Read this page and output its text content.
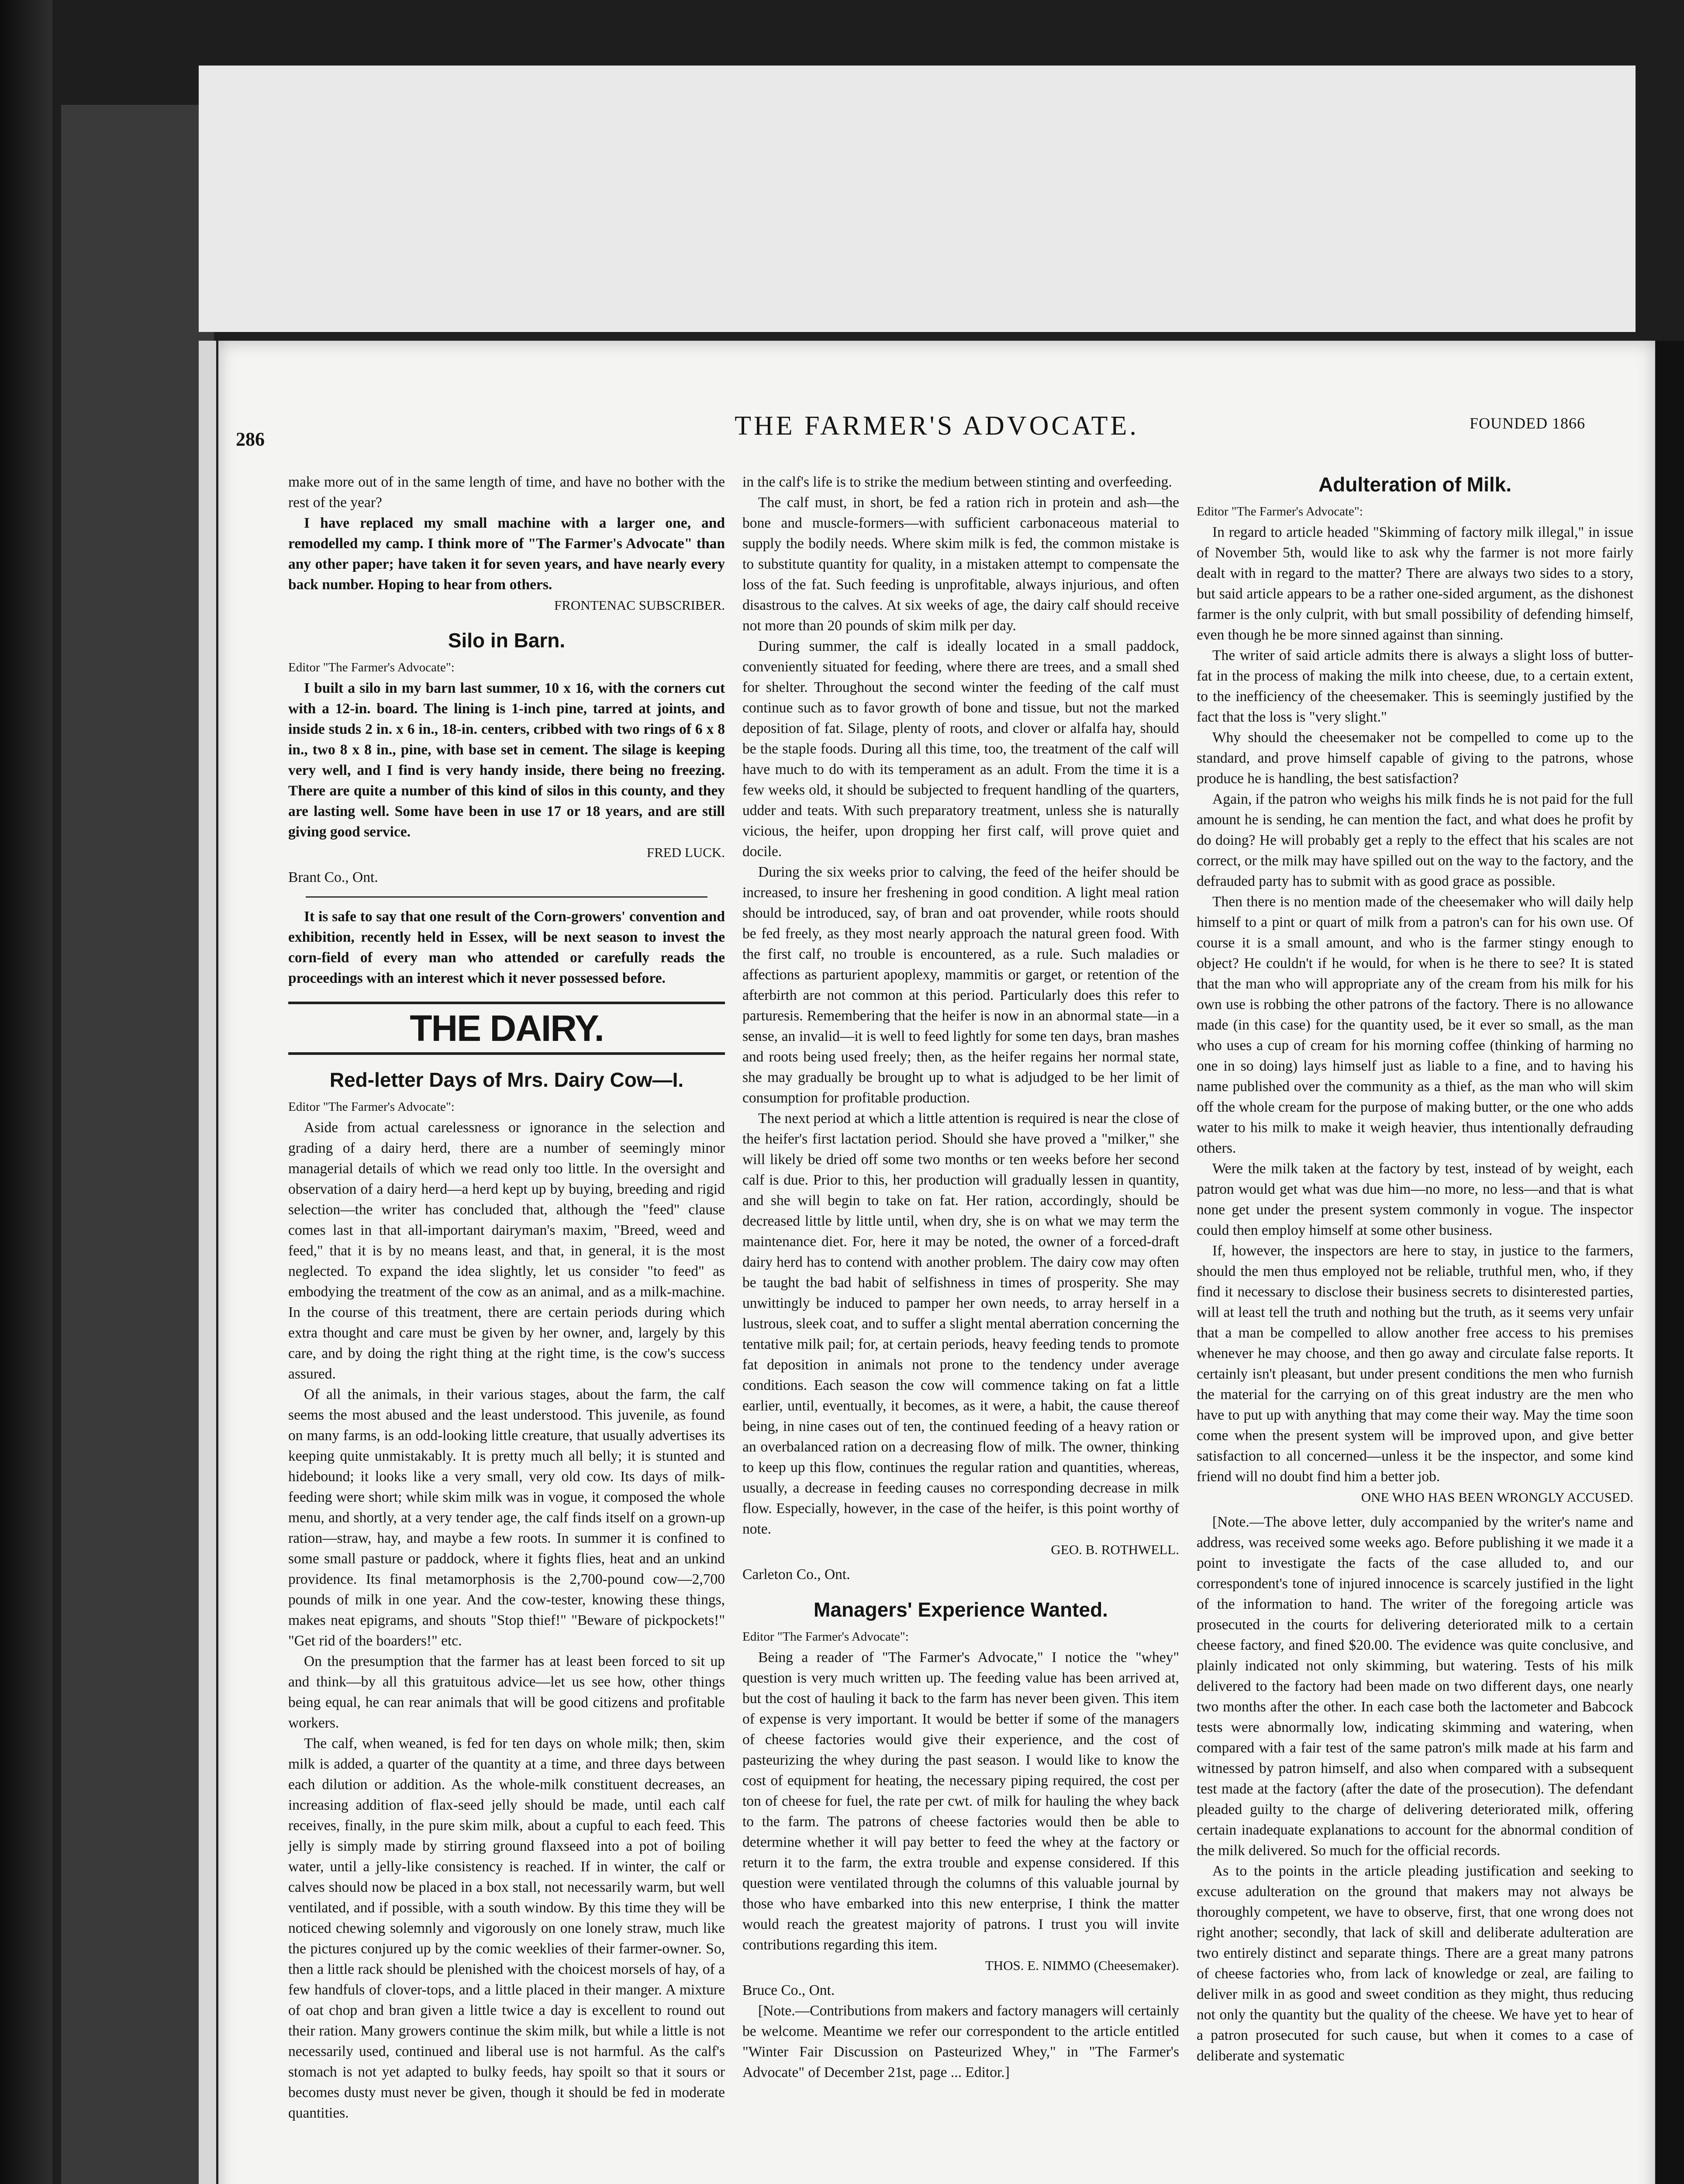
286	THE FARMER'S ADVOCATE.	FOUNDED 1866

make more out of in the same length of time, and have no bother with the rest of the year?

I have replaced my small machine with a larger one, and remodelled my camp. I think more of "The Farmer's Advocate" than any other paper; have taken it for seven years, and have nearly every back number. Hoping to hear from others.

FRONTENAC SUBSCRIBER.
Silo in Barn.

Editor "The Farmer's Advocate":

I built a silo in my barn last summer, 10 x 16, with the corners cut with a 12-in. board. The lining is 1-inch pine, tarred at joints, and inside studs 2 in. x 6 in., 18-in. centers, cribbed with two rings of 6 x 8 in., two 8 x 8 in., pine, with base set in cement. The silage is keeping very well, and I find is very handy inside, there being no freezing. There are quite a number of this kind of silos in this county, and they are lasting well. Some have been in use 17 or 18 years, and are still giving good service.

FRED LUCK.

Brant Co., Ont.

It is safe to say that one result of the Corn-growers' convention and exhibition, recently held in Essex, will be next season to invest the corn-field of every man who attended or carefully reads the proceedings with an interest which it never possessed before.

THE DAIRY.
Red-letter Days of Mrs. Dairy Cow—I.

Editor "The Farmer's Advocate":

Aside from actual carelessness or ignorance in the selection and grading of a dairy herd, there are a number of seemingly minor managerial details of which we read only too little. In the oversight and observation of a dairy herd—a herd kept up by buying, breeding and rigid selection—the writer has concluded that, although the "feed" clause comes last in that all-important dairyman's maxim, "Breed, weed and feed," that it is by no means least, and that, in general, it is the most neglected. To expand the idea slightly, let us consider "to feed" as embodying the treatment of the cow as an animal, and as a milk-machine. In the course of this treatment, there are certain periods during which extra thought and care must be given by her owner, and, largely by this care, and by doing the right thing at the right time, is the cow's success assured.

Of all the animals, in their various stages, about the farm, the calf seems the most abused and the least understood. This juvenile, as found on many farms, is an odd-looking little creature, that usually advertises its keeping quite unmistakably. It is pretty much all belly; it is stunted and hidebound; it looks like a very small, very old cow. Its days of milk-feeding were short; while skim milk was in vogue, it composed the whole menu, and shortly, at a very tender age, the calf finds itself on a grown-up ration—straw, hay, and maybe a few roots. In summer it is confined to some small pasture or paddock, where it fights flies, heat and an unkind providence. Its final metamorphosis is the 2,700-pound cow—2,700 pounds of milk in one year. And the cow-tester, knowing these things, makes neat epigrams, and shouts "Stop thief!" "Beware of pickpockets!" "Get rid of the boarders!" etc.

On the presumption that the farmer has at least been forced to sit up and think—by all this gratuitous advice—let us see how, other things being equal, he can rear animals that will be good citizens and profitable workers.

The calf, when weaned, is fed for ten days on whole milk; then, skim milk is added, a quarter of the quantity at a time, and three days between each dilution or addition. As the whole-milk constituent decreases, an increasing addition of flax-seed jelly should be made, until each calf receives, finally, in the pure skim milk, about a cupful to each feed. This jelly is simply made by stirring ground flaxseed into a pot of boiling water, until a jelly-like consistency is reached. If in winter, the calf or calves should now be placed in a box stall, not necessarily warm, but well ventilated, and if possible, with a south window. By this time they will be noticed chewing solemnly and vigorously on one lonely straw, much like the pictures conjured up by the comic weeklies of their farmer-owner. So, then a little rack should be plenished with the choicest morsels of hay, of a few handfuls of clover-tops, and a little placed in their manger. A mixture of oat chop and bran given a little twice a day is excellent to round out their ration. Many growers continue the skim milk, but while a little is not necessarily used, continued and liberal use is not harmful. As the calf's stomach is not yet adapted to bulky feeds, hay spoilt so that it sours or becomes dusty must never be given, though it should be fed in moderate quantities.

in the calf's life is to strike the medium between stinting and overfeeding.

The calf must, in short, be fed a ration rich in protein and ash—the bone and muscle-formers—with sufficient carbonaceous material to supply the bodily needs. Where skim milk is fed, the common mistake is to substitute quantity for quality, in a mistaken attempt to compensate the loss of the fat. Such feeding is unprofitable, always injurious, and often disastrous to the calves. At six weeks of age, the dairy calf should receive not more than 20 pounds of skim milk per day.

During summer, the calf is ideally located in a small paddock, conveniently situated for feeding, where there are trees, and a small shed for shelter. Throughout the second winter the feeding of the calf must continue such as to favor growth of bone and tissue, but not the marked deposition of fat. Silage, plenty of roots, and clover or alfalfa hay, should be the staple foods. During all this time, too, the treatment of the calf will have much to do with its temperament as an adult. From the time it is a few weeks old, it should be subjected to frequent handling of the quarters, udder and teats. With such preparatory treatment, unless she is naturally vicious, the heifer, upon dropping her first calf, will prove quiet and docile.

During the six weeks prior to calving, the feed of the heifer should be increased, to insure her freshening in good condition. A light meal ration should be introduced, say, of bran and oat provender, while roots should be fed freely, as they most nearly approach the natural green food. With the first calf, no trouble is encountered, as a rule. Such maladies or affections as parturient apoplexy, mammitis or garget, or retention of the afterbirth are not common at this period. Particularly does this refer to parturesis. Remembering that the heifer is now in an abnormal state—in a sense, an invalid—it is well to feed lightly for some ten days, bran mashes and roots being used freely; then, as the heifer regains her normal state, she may gradually be brought up to what is adjudged to be her limit of consumption for profitable production.

The next period at which a little attention is required is near the close of the heifer's first lactation period. Should she have proved a "milker," she will likely be dried off some two months or ten weeks before her second calf is due. Prior to this, her production will gradually lessen in quantity, and she will begin to take on fat. Her ration, accordingly, should be decreased little by little until, when dry, she is on what we may term the maintenance diet. For, here it may be noted, the owner of a forced-draft dairy herd has to contend with another problem. The dairy cow may often be taught the bad habit of selfishness in times of prosperity. She may unwittingly be induced to pamper her own needs, to array herself in a lustrous, sleek coat, and to suffer a slight mental aberration concerning the tentative milk pail; for, at certain periods, heavy feeding tends to promote fat deposition in animals not prone to the tendency under average conditions. Each season the cow will commence taking on fat a little earlier, until, eventually, it becomes, as it were, a habit, the cause thereof being, in nine cases out of ten, the continued feeding of a heavy ration or an overbalanced ration on a decreasing flow of milk. The owner, thinking to keep up this flow, continues the regular ration and quantities, whereas, usually, a decrease in feeding causes no corresponding decrease in milk flow. Especially, however, in the case of the heifer, is this point worthy of note.

GEO. B. ROTHWELL.

Carleton Co., Ont.

Managers' Experience Wanted.

Editor "The Farmer's Advocate":

Being a reader of "The Farmer's Advocate," I notice the "whey" question is very much written up. The feeding value has been arrived at, but the cost of hauling it back to the farm has never been given. This item of expense is very important. It would be better if some of the managers of cheese factories would give their experience, and the cost of pasteurizing the whey during the past season. I would like to know the cost of equipment for heating, the necessary piping required, the cost per ton of cheese for fuel, the rate per cwt. of milk for hauling the whey back to the farm. The patrons of cheese factories would then be able to determine whether it will pay better to feed the whey at the factory or return it to the farm, the extra trouble and expense considered. If this question were ventilated through the columns of this valuable journal by those who have embarked into this new enterprise, I think the matter would reach the greatest majority of patrons. I trust you will invite contributions regarding this item.

THOS. E. NIMMO (Cheesemaker).

Bruce Co., Ont.

[Note.—Contributions from makers and factory managers will certainly be welcome. Meantime we refer our correspondent to the article entitled "Winter Fair Discussion on Pasteurized Whey," in "The Farmer's Advocate" of December 21st, page ... Editor.]

Adulteration of Milk.

Editor "The Farmer's Advocate":

In regard to article headed "Skimming of factory milk illegal," in issue of November 5th, would like to ask why the farmer is not more fairly dealt with in regard to the matter? There are always two sides to a story, but said article appears to be a rather one-sided argument, as the dishonest farmer is the only culprit, with but small possibility of defending himself, even though he be more sinned against than sinning.

The writer of said article admits there is always a slight loss of butter-fat in the process of making the milk into cheese, due, to a certain extent, to the inefficiency of the cheesemaker. This is seemingly justified by the fact that the loss is "very slight."

Why should the cheesemaker not be compelled to come up to the standard, and prove himself capable of giving to the patrons, whose produce he is handling, the best satisfaction?

Again, if the patron who weighs his milk finds he is not paid for the full amount he is sending, he can mention the fact, and what does he profit by do doing? He will probably get a reply to the effect that his scales are not correct, or the milk may have spilled out on the way to the factory, and the defrauded party has to submit with as good grace as possible.

Then there is no mention made of the cheesemaker who will daily help himself to a pint or quart of milk from a patron's can for his own use. Of course it is a small amount, and who is the farmer stingy enough to object? He couldn't if he would, for when is he there to see? It is stated that the man who will appropriate any of the cream from his milk for his own use is robbing the other patrons of the factory. There is no allowance made (in this case) for the quantity used, be it ever so small, as the man who uses a cup of cream for his morning coffee (thinking of harming no one in so doing) lays himself just as liable to a fine, and to having his name published over the community as a thief, as the man who will skim off the whole cream for the purpose of making butter, or the one who adds water to his milk to make it weigh heavier, thus intentionally defrauding others.

Were the milk taken at the factory by test, instead of by weight, each patron would get what was due him—no more, no less—and that is what none get under the present system commonly in vogue. The inspector could then employ himself at some other business.

If, however, the inspectors are here to stay, in justice to the farmers, should the men thus employed not be reliable, truthful men, who, if they find it necessary to disclose their business secrets to disinterested parties, will at least tell the truth and nothing but the truth, as it seems very unfair that a man be compelled to allow another free access to his premises whenever he may choose, and then go away and circulate false reports. It certainly isn't pleasant, but under present conditions the men who furnish the material for the carrying on of this great industry are the men who have to put up with anything that may come their way. May the time soon come when the present system will be improved upon, and give better satisfaction to all concerned—unless it be the inspector, and some kind friend will no doubt find him a better job.

ONE WHO HAS BEEN WRONGLY ACCUSED.

[Note.—The above letter, duly accompanied by the writer's name and address, was received some weeks ago. Before publishing it we made it a point to investigate the facts of the case alluded to, and our correspondent's tone of injured innocence is scarcely justified in the light of the information to hand. The writer of the foregoing article was prosecuted in the courts for delivering deteriorated milk to a certain cheese factory, and fined $20.00. The evidence was quite conclusive, and plainly indicated not only skimming, but watering. Tests of his milk delivered to the factory had been made on two different days, one nearly two months after the other. In each case both the lactometer and Babcock tests were abnormally low, indicating skimming and watering, when compared with a fair test of the same patron's milk made at his farm and witnessed by patron himself, and also when compared with a subsequent test made at the factory (after the date of the prosecution). The defendant pleaded guilty to the charge of delivering deteriorated milk, offering certain inadequate explanations to account for the abnormal condition of the milk delivered. So much for the official records.

As to the points in the article pleading justification and seeking to excuse adulteration on the ground that makers may not always be thoroughly competent, we have to observe, first, that one wrong does not right another; secondly, that lack of skill and deliberate adulteration are two entirely distinct and separate things. There are a great many patrons of cheese factories who, from lack of knowledge or zeal, are failing to deliver milk in as good and sweet condition as they might, thus reducing not only the quantity but the quality of the cheese. We have yet to hear of a patron prosecuted for such cause, but when it comes to a case of deliberate and systematic
